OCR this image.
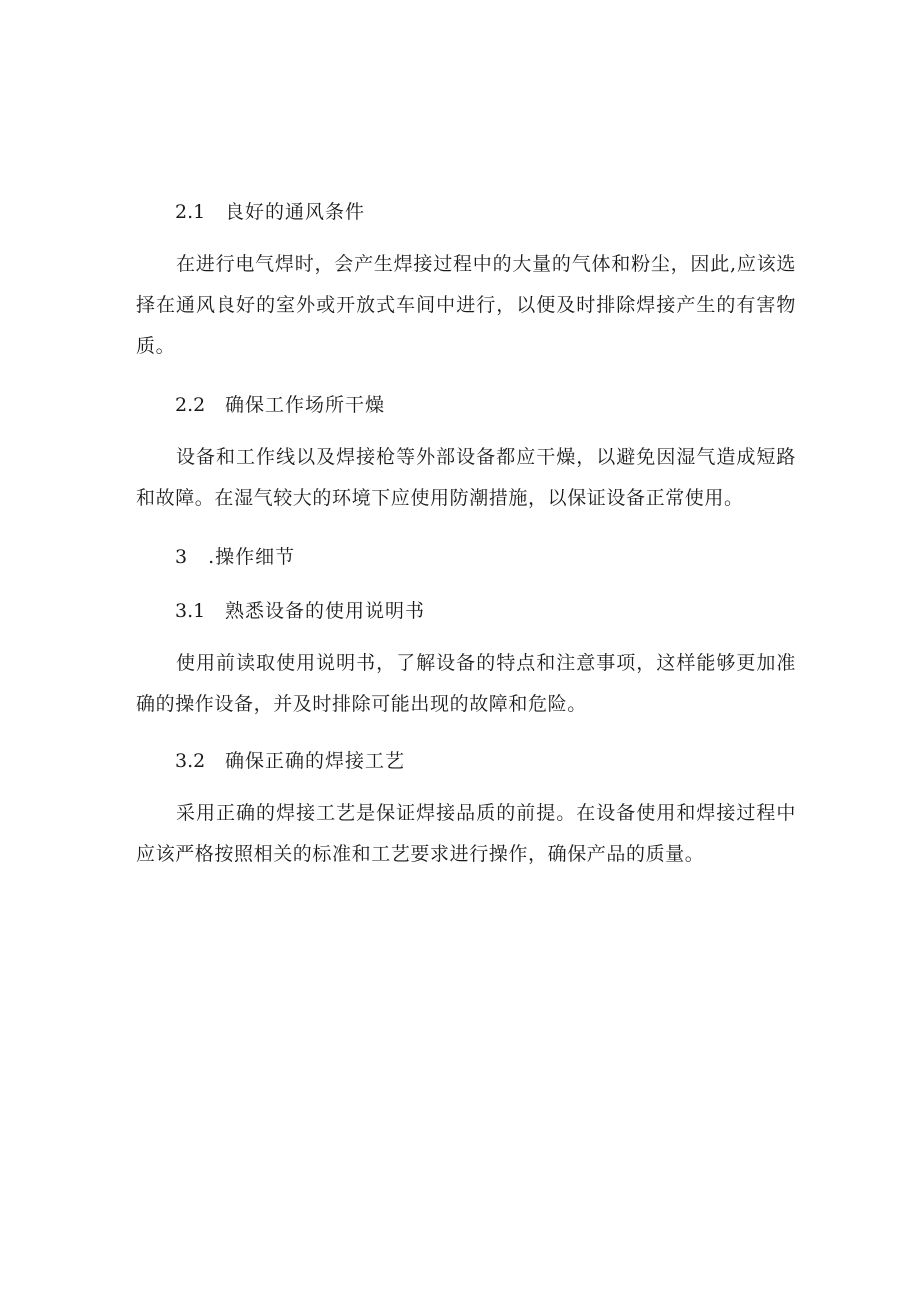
2.1 良好的通风条件
在进行电气焊时，会产生焊接过程中的大量的气体和粉尘，因此,应该选择在通风良好的室外或开放式车间中进行，以便及时排除焊接产生的有害物质。
2.2 确保工作场所干燥
设备和工作线以及焊接枪等外部设备都应干燥，以避免因湿气造成短路和故障。在湿气较大的环境下应使用防潮措施，以保证设备正常使用。
3　.操作细节
3.1 熟悉设备的使用说明书
使用前读取使用说明书，了解设备的特点和注意事项，这样能够更加准确的操作设备，并及时排除可能出现的故障和危险。
3.2 确保正确的焊接工艺
采用正确的焊接工艺是保证焊接品质的前提。在设备使用和焊接过程中应该严格按照相关的标准和工艺要求进行操作，确保产品的质量。
